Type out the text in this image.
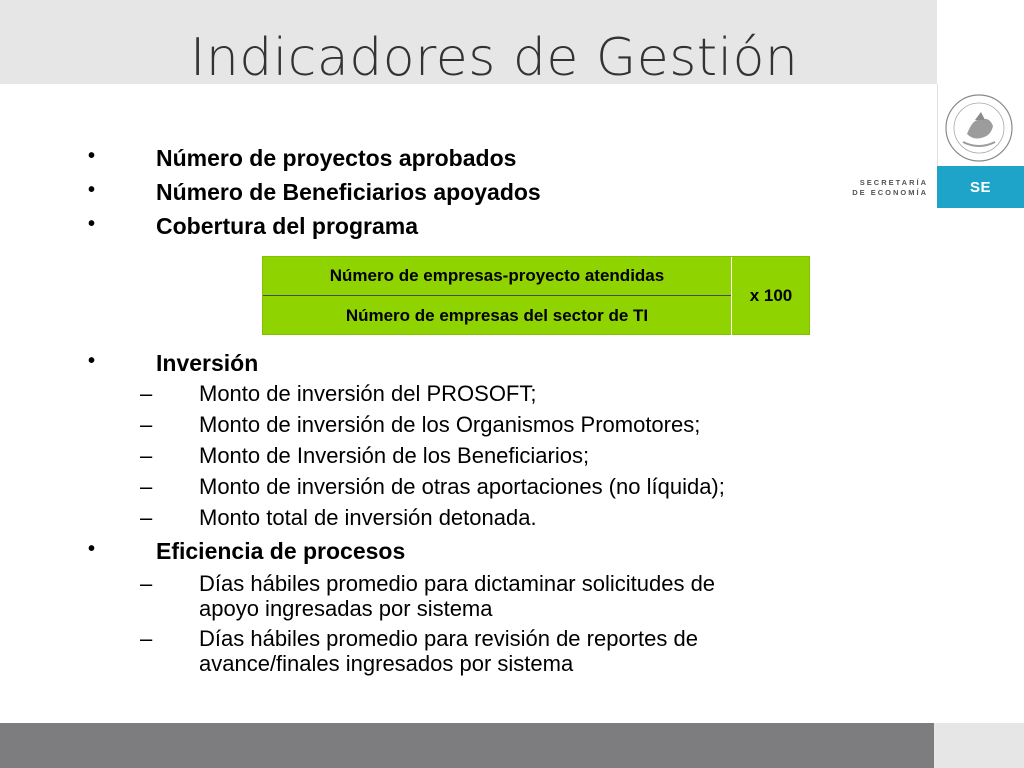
Indicadores de Gestión
SECRETARÍA
DE ECONOMÍA	SE
•	Número de proyectos aprobados
•	Número de Beneficiarios apoyados
•	Cobertura del programa
Número de empresas-proyecto atendidas
Número de empresas del sector de TI
x 100
•	Inversión
– Monto de inversión del PROSOFT;
– Monto de inversión de los Organismos Promotores;
– Monto de Inversión de los Beneficiarios;
– Monto de inversión de otras aportaciones (no líquida);
– Monto total de inversión detonada.
•	Eficiencia de procesos
– Días hábiles promedio para dictaminar solicitudes de
apoyo ingresadas por sistema
– Días hábiles promedio para revisión de reportes de
avance/finales ingresados por sistema
